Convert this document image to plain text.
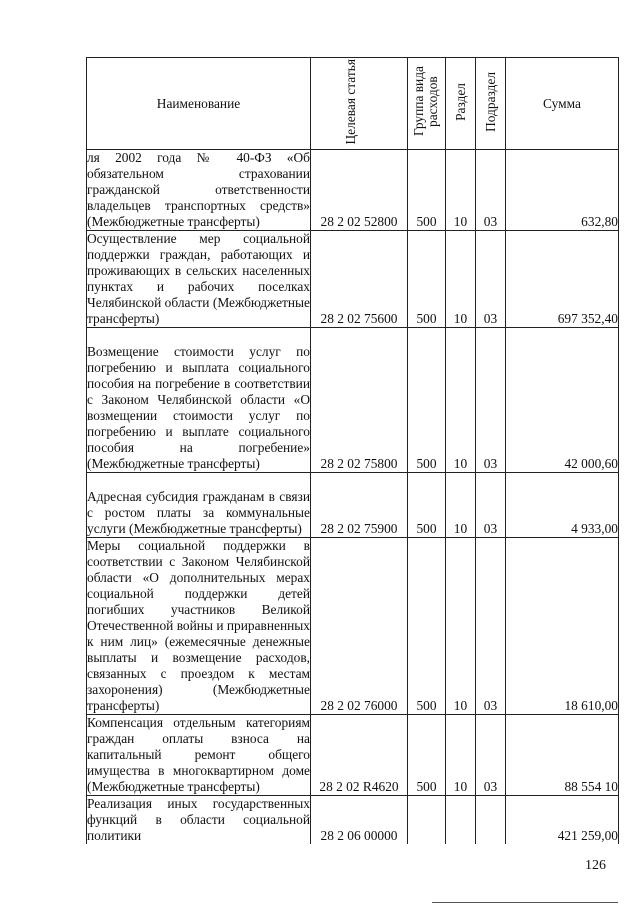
Наименование	Целевая статья	Группа вида расходов	Раздел	Подраздел	Сумма

ля 2002 года № 40-ФЗ «Об обязательном страховании гражданской ответственности владельцев транспортных средств» (Межбюджетные трансферты)	28 2 02 52800	500	10	03	632,80

Осуществление мер социальной поддержки граждан, работающих и проживающих в сельских населенных пунктах и рабочих поселках Челябинской области (Межбюджетные трансферты)	28 2 02 75600	500	10	03	697 352,40

Возмещение стоимости услуг по погребению и выплата социального пособия на погребение в соответствии с Законом Челябинской области «О возмещении стоимости услуг по погребению и выплате социального пособия на погребение» (Межбюджетные трансферты)	28 2 02 75800	500	10	03	42 000,60

Адресная субсидия гражданам в связи с ростом платы за коммунальные услуги (Межбюджетные трансферты)	28 2 02 75900	500	10	03	4 933,00

Меры социальной поддержки в соответствии с Законом Челябинской области «О дополнительных мерах социальной поддержки детей погибших участников Великой Отечественной войны и приравненных к ним лиц» (ежемесячные денежные выплаты и возмещение расходов, связанных с проездом к местам захоронения) (Межбюджетные трансферты)	28 2 02 76000	500	10	03	18 610,00

Компенсация отдельным категориям граждан оплаты взноса на капитальный ремонт общего имущества в многоквартирном доме (Межбюджетные трансферты)	28 2 02 R4620	500	10	03	88 554 10

Реализация иных государственных функций в области социальной политики	28 2 06 00000				421 259,00
126
